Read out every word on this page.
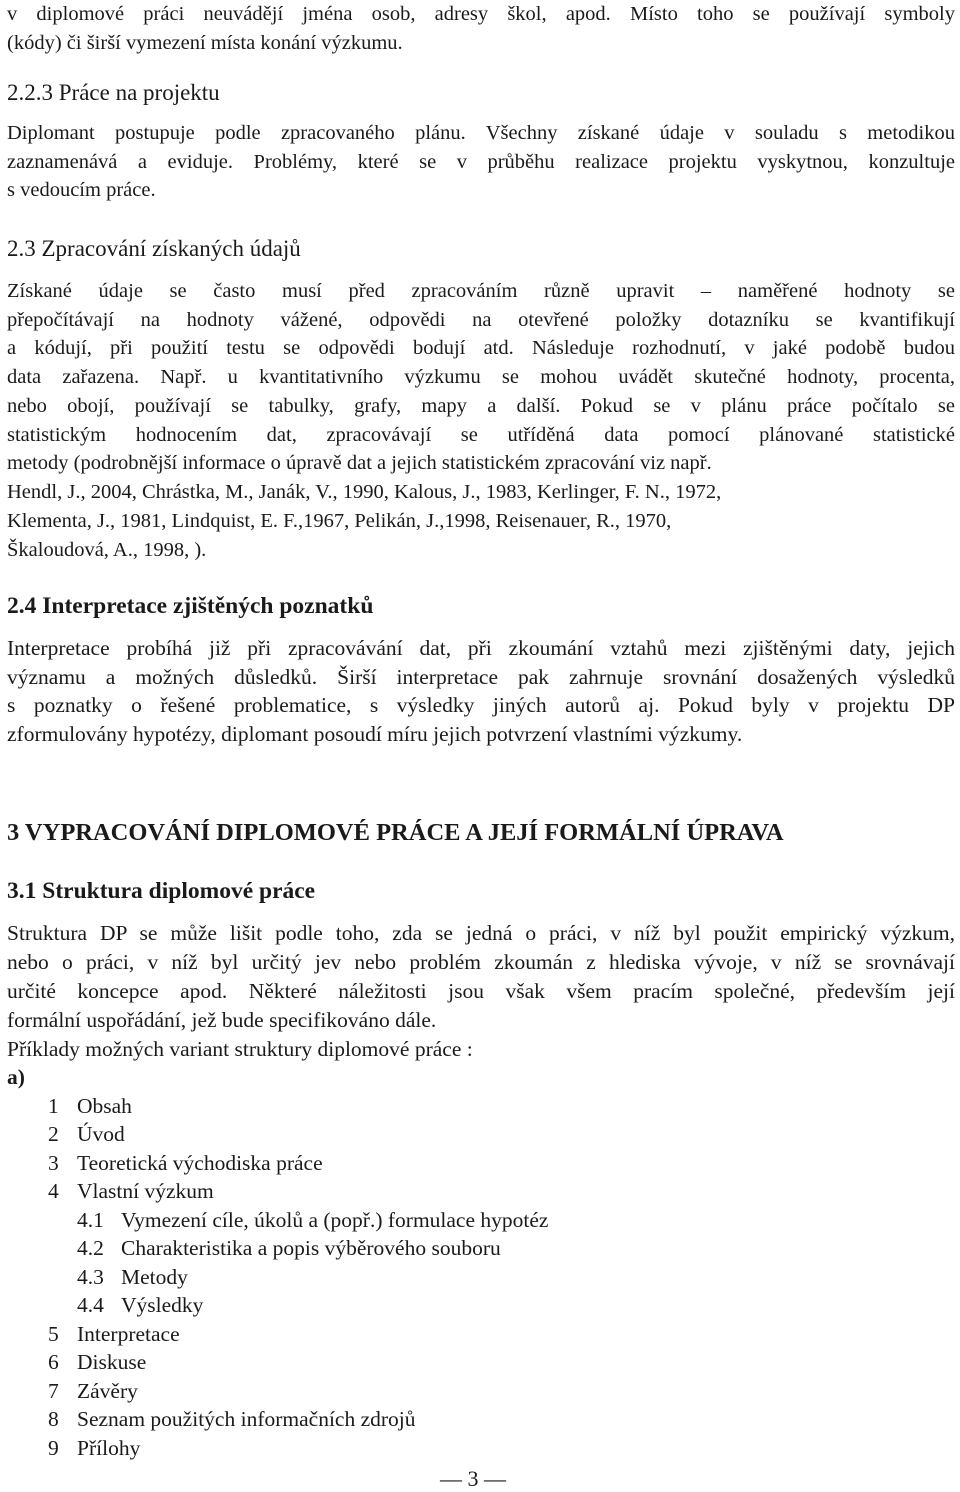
v diplomové práci neuvádějí jména osob, adresy škol, apod. Místo toho se používají symboly
(kódy) či širší vymezení místa konání výzkumu.
2.2.3 Práce na projektu
Diplomant postupuje podle zpracovaného plánu. Všechny získané údaje v souladu s metodikou
zaznamenává a eviduje. Problémy, které se v průběhu realizace projektu vyskytnou, konzultuje
s vedoucím práce.
2.3 Zpracování získaných údajů
Získané údaje se často musí před zpracováním různě upravit – naměřené hodnoty se
přepočítávají na hodnoty vážené, odpovědi na otevřené položky dotazníku se kvantifikují
a kódují, při použití testu se odpovědi bodují atd. Následuje rozhodnutí, v jaké podobě budou
data zařazena. Např. u kvantitativního výzkumu se mohou uvádět skutečné hodnoty, procenta,
nebo obojí, používají se tabulky, grafy, mapy a další. Pokud se v plánu práce počítalo se
statistickým hodnocením dat, zpracovávají se utříděná data pomocí plánované statistické
metody (podrobnější informace o úpravě dat a jejich statistickém zpracování viz např.
Hendl, J., 2004, Chrástka, M., Janák, V., 1990, Kalous, J., 1983, Kerlinger, F. N., 1972,
Klementa, J., 1981, Lindquist, E. F.,1967, Pelikán, J.,1998, Reisenauer, R., 1970,
Škaloudová, A., 1998, ).
2.4 Interpretace zjištěných poznatků
Interpretace probíhá již při zpracovávání dat, při zkoumání vztahů mezi zjištěnými daty, jejich
významu a možných důsledků. Širší interpretace pak zahrnuje srovnání dosažených výsledků
s poznatky o řešené problematice, s výsledky jiných autorů aj. Pokud byly v projektu DP
zformulovány hypotézy, diplomant posoudí míru jejich potvrzení vlastními výzkumy.
3 VYPRACOVÁNÍ DIPLOMOVÉ PRÁCE A JEJÍ FORMÁLNÍ ÚPRAVA
3.1 Struktura diplomové práce
Struktura DP se může lišit podle toho, zda se jedná o práci, v níž byl použit empirický výzkum,
nebo o práci, v níž byl určitý jev nebo problém zkoumán z hlediska vývoje, v níž se srovnávají
určité koncepce apod. Některé náležitosti jsou však všem pracím společné, především její
formální uspořádání, jež bude specifikováno dále.
Příklady možných variant struktury diplomové práce :
a)
1 Obsah
2 Úvod
3 Teoretická východiska práce
4 Vlastní výzkum
4.1 Vymezení cíle, úkolů a (popř.) formulace hypotéz
4.2 Charakteristika a popis výběrového souboru
4.3 Metody
4.4 Výsledky
5 Interpretace
6 Diskuse
7 Závěry
8 Seznam použitých informačních zdrojů
9 Přílohy
— 3 —
